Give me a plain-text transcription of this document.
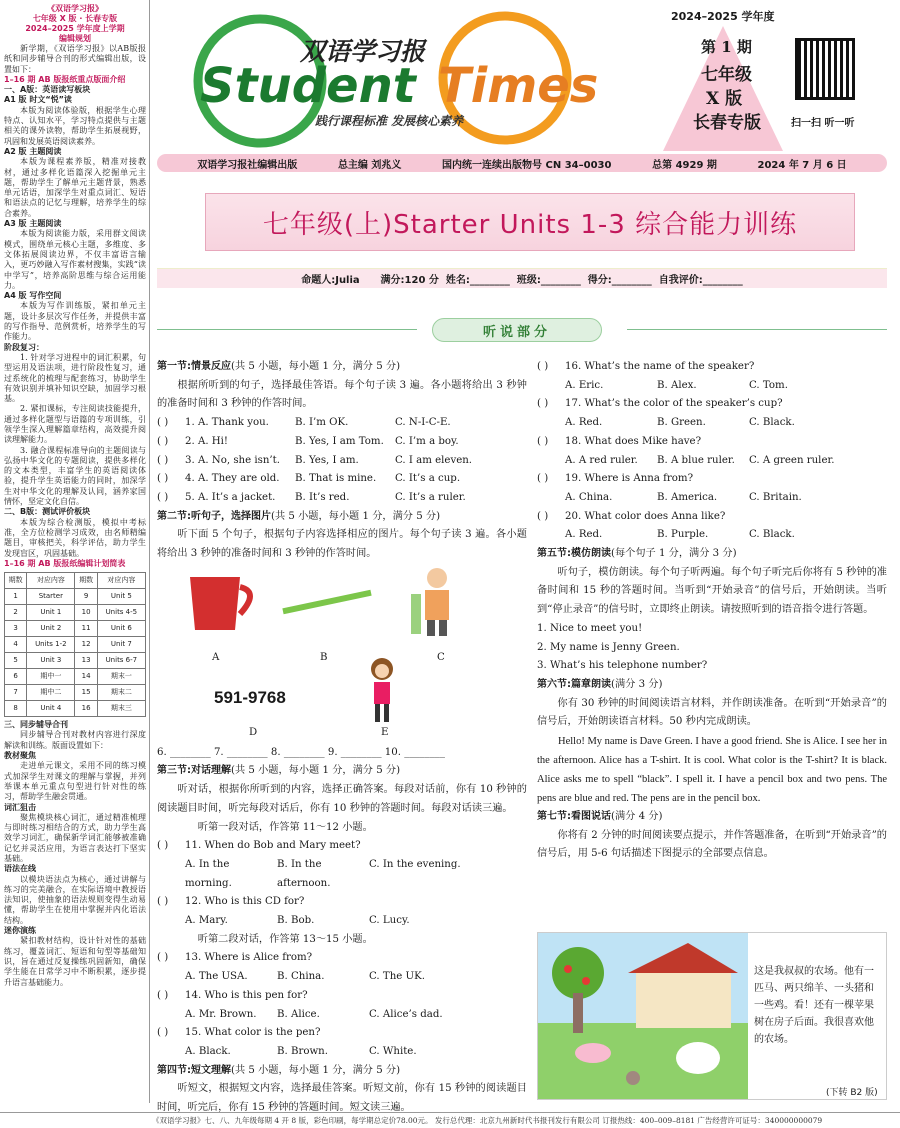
《双语学习报》
七年级 X 版 · 长春专版
2024–2025 学年度上学期
编辑规划

新学期，《双语学习报》以AB版报纸和同步辅导合刊的形式编辑出版，设置如下：

1–16 期 AB 版报纸重点版面介绍
一、A版：英语读写板块
A1 版 时文“悦”读

本版为阅读体验版，根据学生心理特点、认知水平，学习特点提供与主题相关的课外读物，帮助学生拓展视野，巩固和发展英语阅读素养。

A2 版 主题阅读

本版为课程素养版，精准对接教材，通过多样化语篇深入挖掘单元主题，帮助学生了解单元主题背景，熟悉单元话语，加深学生对重点词汇、短语和语法点的记忆与理解，培养学生的综合素养。

A3 版 主题阅读

本版为阅读能力版，采用群文阅读模式，围绕单元核心主题，多维度、多文体拓展阅读边界，不仅丰富语言输入，更巧妙融入写作素材搜集，实践“读中学写”，培养高阶思维与综合运用能力。

A4 版 写作空间

本版为写作训练版，紧扣单元主题，设计多层次写作任务，并提供丰富的写作指导、范例赏析，培养学生的写作能力。

阶段复习：

1. 针对学习进程中的词汇积累，句型运用及语法项，进行阶段性复习，通过系统化的梳理与配套练习，协助学生有效识别并填补知识空缺，加固学习根基。

2. 紧扣课标，专注阅读技能提升，通过多样化题型与语篇的专项训练，引领学生深入理解篇章结构，高效提升阅读理解能力。

3. 融合课程标准导向的主题阅读与弘扬中华文化的专题阅读，提供多样化的文本类型，丰富学生的英语阅读体验，提升学生英语能力的同时，加深学生对中华文化的理解及认同，涵养家国情怀，坚定文化自信。

二、B版：测试评价板块

本版为综合检测版，模拟中考标准，全方位检测学习成效，由名师精编题目，审核把关，科学评估，助力学生发现盲区，巩固基础。

1–16 期 AB 版报纸编辑计划简表
期数	对应内容	期数	对应内容
1	Starter	9	Unit 5
2	Unit 1	10	Units 4-5
3	Unit 2	11	Unit 6
4	Units 1-2	12	Unit 7
5	Unit 3	13	Units 6-7
6	期中一	14	期末一
7	期中二	15	期末二
8	Unit 4	16	期末三
三、同步辅导合刊

同步辅导合刊对教材内容进行深度解读和训练。版面设置如下：

教材聚焦

走进单元课文，采用不同的练习模式加深学生对课文的理解与掌握，并列举课本单元重点句型进行针对性的练习，帮助学生融会贯通。

词汇狙击

聚焦模块核心词汇，通过精准梳理与即时练习相结合的方式，助力学生高效学习词汇，确保新学词汇能够被准确记忆并灵活应用，为语言表达打下坚实基础。

语法在线

以模块语法点为核心，通过讲解与练习的完美融合，在实际语境中教授语法知识，使抽象的语法规则变得生动易懂，帮助学生在使用中掌握并内化语法结构。

迷你演练

紧扣教材结构，设计针对性的基础练习，覆盖词汇、短语和句型等基础知识，旨在通过反复操练巩固新知，确保学生能在日常学习中不断积累，逐步提升语言基础能力。

双语学习报
Student Times
践行课程标准 发展核心素养
2024–2025 学年度
第 1 期
七年级
X 版
长春专版	扫一扫 听一听
双语学习报社编辑出版	总主编 刘兆义	国内统一连续出版物号 CN 34–0030	总第 4929 期	2024 年 7 月 6 日
七年级(上)Starter Units 1-3 综合能力训练
命题人:Julia      满分:120 分  姓名:________  班级:________  得分:________  自我评价:________
听说部分
第一节:情景反应(共 5 小题，每小题 1 分，满分 5 分)
根据所听到的句子，选择最佳答语。每个句子读 3 遍。各小题将给出 3 秒钟的准备时间和 3 秒钟的作答时间。
( )	1. A. Thank you.	B. I’m OK.	C. N-I-C-E.
( )	2. A. Hi!	B. Yes, I am Tom.	C. I’m a boy.
( )	3. A. No, she isn’t.	B. Yes, I am.	C. I am eleven.
( )	4. A. They are old.	B. That is mine.	C. It’s a cup.
( )	5. A. It’s a jacket.	B. It’s red.	C. It’s a ruler.
第二节:听句子，选择图片(共 5 小题，每小题 1 分，满分 5 分)
听下面 5 个句子，根据句子内容选择相应的图片。每个句子读 3 遍。各小题将给出 3 秒钟的准备时间和 3 秒钟的作答时间。
A	B	C
591-9768
D	E
6. ________ 7. ________ 8. ________ 9. ________ 10. ________
第三节:对话理解(共 5 小题，每小题 1 分，满分 5 分)
听对话，根据你所听到的内容，选择正确答案。每段对话前，你有 10 秒钟的阅读题目时间，听完每段对话后，你有 10 秒钟的答题时间。每段对话读三遍。
听第一段对话，作答第 11～12 小题。
( )	11. When do Bob and Mary meet?
A. In the morning.
B. In the afternoon.
C. In the evening.
( )	12. Who is this CD for?
A. Mary.	B. Bob.	C. Lucy.
听第二段对话，作答第 13～15 小题。
( )	13. Where is Alice from?
A. The USA.	B. China.	C. The UK.
( )	14. Who is this pen for?
A. Mr. Brown.	B. Alice.	C. Alice’s dad.
( )	15. What color is the pen?
A. Black.	B. Brown.	C. White.
第四节:短文理解(共 5 小题，每小题 1 分，满分 5 分)
听短文，根据短文内容，选择最佳答案。听短文前，你有 15 秒钟的阅读题目时间，听完后，你有 15 秒钟的答题时间。短文读三遍。
( )	16. What’s the name of the speaker?
A. Eric.	B. Alex.	C. Tom.
( )	17. What’s the color of the speaker’s cup?
A. Red.	B. Green.	C. Black.
( )	18. What does Mike have?
A. A red ruler.	B. A blue ruler.	C. A green ruler.
( )	19. Where is Anna from?
A. China.	B. America.	C. Britain.
( )	20. What color does Anna like?
A. Red.	B. Purple.	C. Black.
第五节:模仿朗读(每个句子 1 分，满分 3 分)
听句子，模仿朗读。每个句子听两遍。每个句子听完后你将有 5 秒钟的准备时间和 15 秒的答题时间。当听到“开始录音”的信号后，开始朗读。当听到“停止录音”的信号时，立即终止朗读。请按照听到的语音指令进行答题。
1. Nice to meet you!
2. My name is Jenny Green.
3. What’s his telephone number?
第六节:篇章朗读(满分 3 分)
你有 30 秒钟的时间阅读语言材料，并作朗读准备。在听到“开始录音”的信号后，开始朗读语言材料。50 秒内完成朗读。
Hello! My name is Dave Green. I have a good friend. She is Alice. I see her in the afternoon. Alice has a T-shirt. It is cool. What color is the T-shirt? It is black. Alice asks me to spell “black”. I spell it. I have a pencil box and two pens. The pens are blue and red. The pens are in the pencil box.
第七节:看图说话(满分 4 分)
你将有 2 分钟的时间阅读要点提示，并作答题准备，在听到“开始录音”的信号后，用 5-6 句话描述下图提示的全部要点信息。
这是我叔叔的农场。他有一匹马、两只绵羊、一头猪和一些鸡。看！还有一棵苹果树在房子后面。我很喜欢他的农场。
(下转 B2 版)
《双语学习报》七、八、九年级每期 4 开 8 版，彩色印刷，每学期总定价78.00元。 发行总代理：北京九州新时代书报刊发行有限公司 订报热线：400–009–8181 广告经营许可证号：340000000079
